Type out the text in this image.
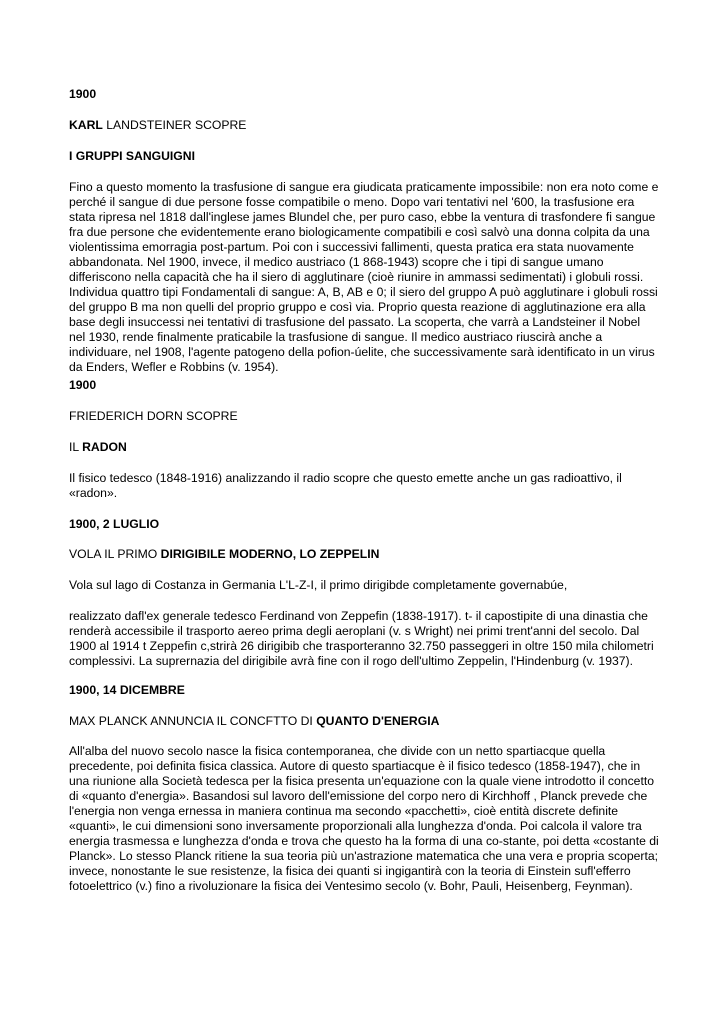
1900
KARL LANDSTEINER SCOPRE
I GRUPPI SANGUIGNI

Fino a questo momento la trasfusione di sangue era giudicata praticamente impossibile: non era noto come e perché il sangue di due persone fosse compatibile o meno. Dopo vari tentativi nel '600, la trasfusione era stata ripresa nel 1818 dall'inglese james Blundel che, per puro caso, ebbe la ventura di trasfondere fi sangue fra due persone che evidentemente erano biologicamente compatibili e così salvò una donna colpita da una violentissima emorragia post-partum. Poi con i successivi fallimenti, questa pratica era stata nuovamente abbandonata. Nel 1900, invece, il medico austriaco (1 868-1943) scopre che i tipi di sangue umano differiscono nella capacità che ha il siero di agglutinare (cioè riunire in ammassi sedimentati) i globuli rossi. Individua quattro tipi Fondamentali di sangue: A, B, AB e 0; il siero del gruppo A può agglutinare i globuli rossi del gruppo B ma non quelli del proprio gruppo e così via. Proprio questa reazione di agglutinazione era alla base degli insuccessi nei tentativi di trasfusione del passato. La scoperta, che varrà a Landsteiner il Nobel nel 1930, rende finalmente praticabile la trasfusione di sangue. Il medico austriaco riuscirà anche a individuare, nel 1908, l'agente patogeno della pofion-úelite, che successivamente sarà identificato in un virus da Enders, Wefler e Robbins (v. 1954).

1900
FRIEDERICH DORN SCOPRE
IL RADON

Il fisico tedesco (1848-1916) analizzando il radio scopre che questo emette anche un gas radioattivo, il «radon».

1900, 2 LUGLIO
VOLA IL PRIMO DIRIGIBILE MODERNO, LO ZEPPELIN

Vola sul lago di Costanza in Germania L'L-Z-I, il primo dirigibde completamente governabúe,

realizzato dafl'ex generale tedesco Ferdinand von Zeppefin (1838-1917). t- il capostipite di una dinastia che renderà accessibile il trasporto aereo prima degli aeroplani (v. s Wright) nei primi trent'anni del secolo. Dal 1900 al 1914 t Zeppefin c,strirà 26 dirigibib che trasporteranno 32.750 passeggeri in oltre 150 mila chilometri complessivi. La suprernazia del dirigibile avrà fine con il rogo dell'ultimo Zeppelin, l'Hindenburg (v. 1937).

1900, 14 DICEMBRE
MAX PLANCK ANNUNCIA IL CONCFTTO DI QUANTO D'ENERGIA

All'alba del nuovo secolo nasce la fisica contemporanea, che divide con un netto spartiacque quella precedente, poi definita fisica classica. Autore di questo spartiacque è il fisico tedesco (1858-1947), che in una riunione alla Società tedesca per la fisica presenta un'equazione con la quale viene introdotto il concetto di «quanto d'energia». Basandosi sul lavoro dell'emissione del corpo nero di Kirchhoff , Planck prevede che l'energia non venga ernessa in maniera continua ma secondo «pacchetti», cioè entità discrete definite «quanti», le cui dimensioni sono inversamente proporzionali alla lunghezza d'onda. Poi calcola il valore tra energia trasmessa e lunghezza d'onda e trova che questo ha la forma di una co-stante, poi detta «costante di Planck». Lo stesso Planck ritiene la sua teoria più un'astrazione matematica che una vera e propria scoperta; invece, nonostante le sue resistenze, la fisica dei quanti si ingigantirà con la teoria di Einstein sufl'efferro fotoelettrico (v.) fino a rivoluzionare la fisica dei Ventesimo secolo (v. Bohr, Pauli, Heisenberg, Feynman).
